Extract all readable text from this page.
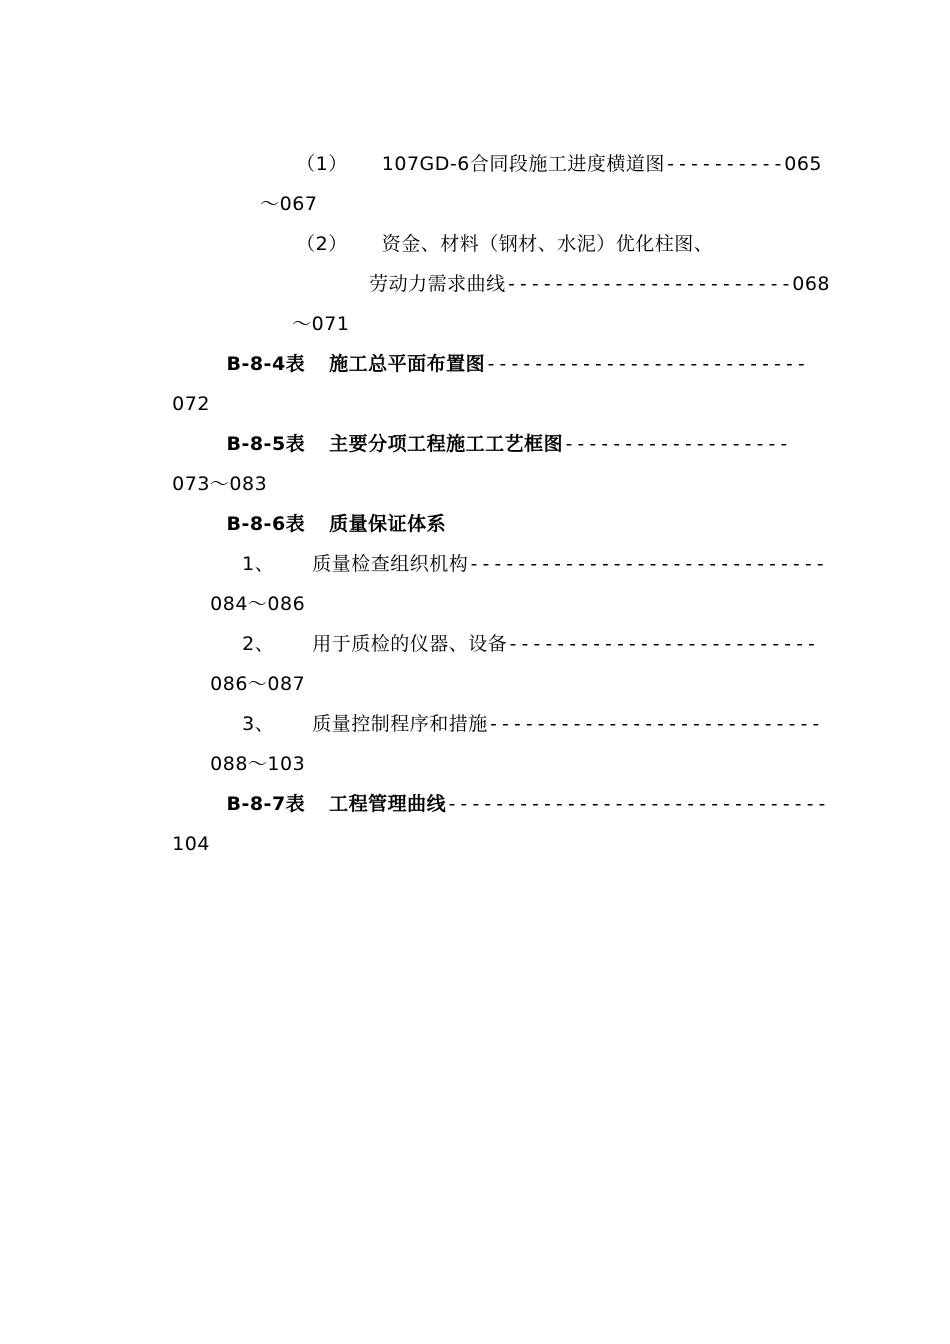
（1） 107GD-6合同段施工进度横道图----------065

～067

（2） 资金、材料（钢材、水泥）优化柱图、

劳动力需求曲线------------------------068

～071

B-8-4表 施工总平面布置图---------------------------

072

B-8-5表 主要分项工程施工工艺框图-------------------

073～083

B-8-6表 质量保证体系

1、 质量检查组织机构------------------------------

084～086

2、 用于质检的仪器、设备--------------------------

086～087

3、 质量控制程序和措施----------------------------

088～103

B-8-7表 工程管理曲线--------------------------------

104
